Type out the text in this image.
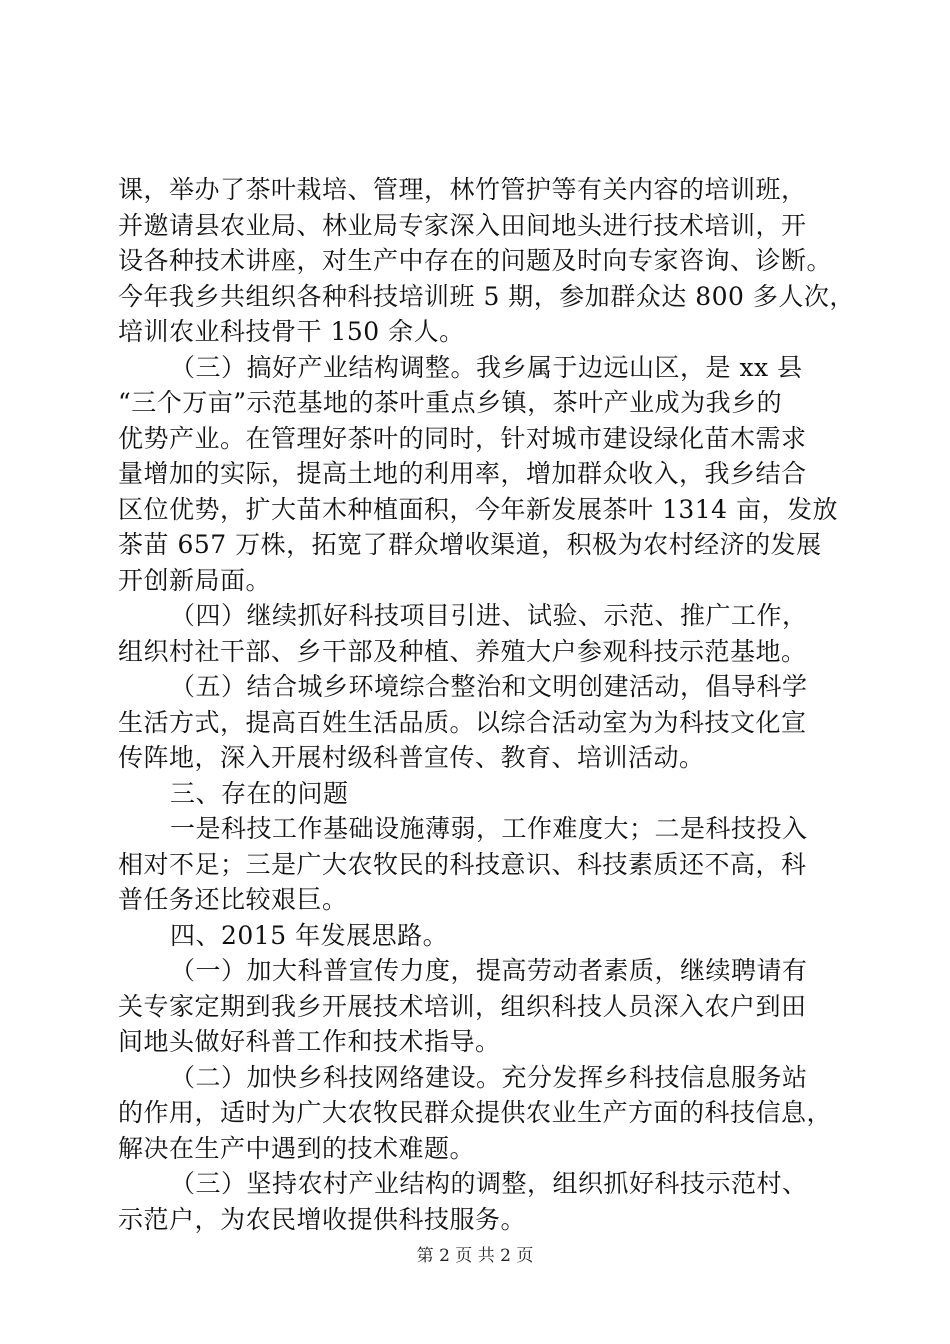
课，举办了茶叶栽培、管理，林竹管护等有关内容的培训班，
并邀请县农业局、林业局专家深入田间地头进行技术培训，开
设各种技术讲座，对生产中存在的问题及时向专家咨询、诊断。
今年我乡共组织各种科技培训班 5 期，参加群众达 800 多人次，
培训农业科技骨干 150 余人。
（三）搞好产业结构调整。我乡属于边远山区，是 xx 县
“三个万亩”示范基地的茶叶重点乡镇，茶叶产业成为我乡的
优势产业。在管理好茶叶的同时，针对城市建设绿化苗木需求
量增加的实际，提高土地的利用率，增加群众收入，我乡结合
区位优势，扩大苗木种植面积，今年新发展茶叶 1314 亩，发放
茶苗 657 万株，拓宽了群众增收渠道，积极为农村经济的发展
开创新局面。
（四）继续抓好科技项目引进、试验、示范、推广工作，
组织村社干部、乡干部及种植、养殖大户参观科技示范基地。
（五）结合城乡环境综合整治和文明创建活动，倡导科学
生活方式，提高百姓生活品质。以综合活动室为为科技文化宣
传阵地，深入开展村级科普宣传、教育、培训活动。
三、存在的问题
一是科技工作基础设施薄弱，工作难度大；二是科技投入
相对不足；三是广大农牧民的科技意识、科技素质还不高，科
普任务还比较艰巨。
四、2015 年发展思路。
（一）加大科普宣传力度，提高劳动者素质，继续聘请有
关专家定期到我乡开展技术培训，组织科技人员深入农户到田
间地头做好科普工作和技术指导。
（二）加快乡科技网络建设。充分发挥乡科技信息服务站
的作用，适时为广大农牧民群众提供农业生产方面的科技信息，
解决在生产中遇到的技术难题。
（三）坚持农村产业结构的调整，组织抓好科技示范村、
示范户，为农民增收提供科技服务。
第 2 页 共 2 页
